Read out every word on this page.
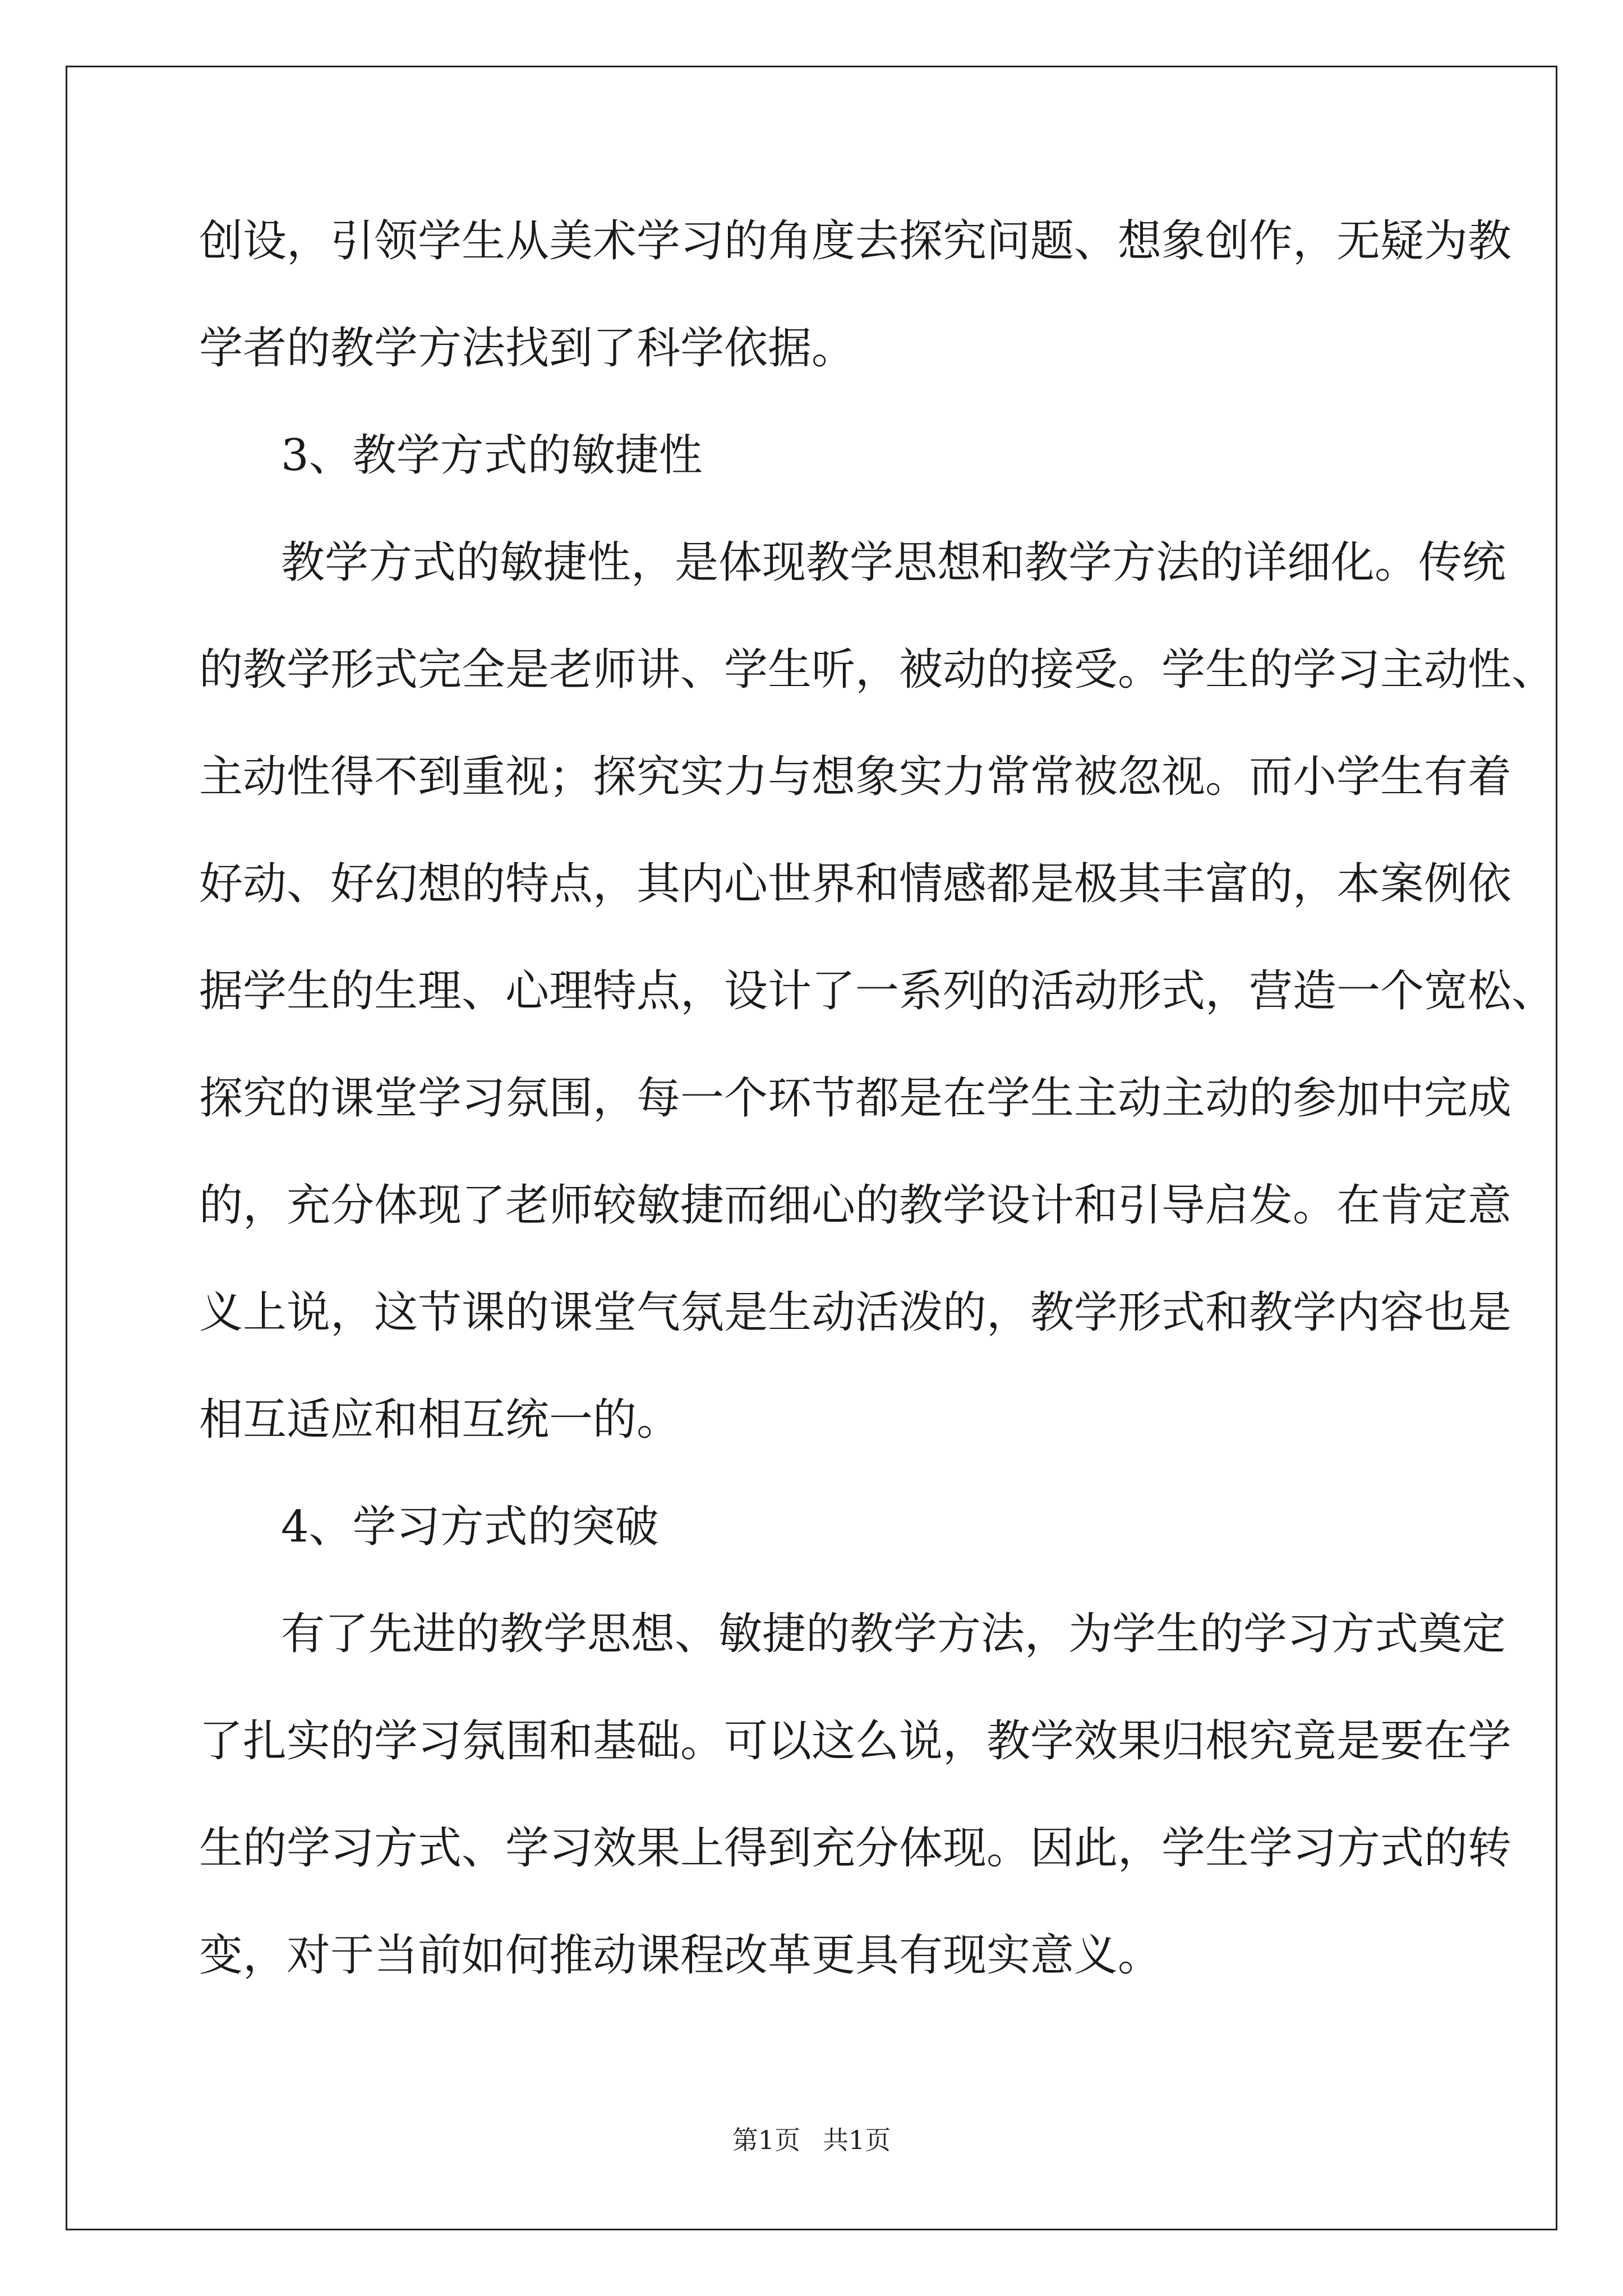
创设，引领学生从美术学习的角度去探究问题、想象创作，无疑为教
学者的教学方法找到了科学依据。
3、教学方式的敏捷性
教学方式的敏捷性，是体现教学思想和教学方法的详细化。传统
的教学形式完全是老师讲、学生听，被动的接受。学生的学习主动性、
主动性得不到重视；探究实力与想象实力常常被忽视。而小学生有着
好动、好幻想的特点，其内心世界和情感都是极其丰富的，本案例依
据学生的生理、心理特点，设计了一系列的活动形式，营造一个宽松、
探究的课堂学习氛围，每一个环节都是在学生主动主动的参加中完成
的，充分体现了老师较敏捷而细心的教学设计和引导启发。在肯定意
义上说，这节课的课堂气氛是生动活泼的，教学形式和教学内容也是
相互适应和相互统一的。
4、学习方式的突破
有了先进的教学思想、敏捷的教学方法，为学生的学习方式奠定
了扎实的学习氛围和基础。可以这么说，教学效果归根究竟是要在学
生的学习方式、学习效果上得到充分体现。因此，学生学习方式的转
变，对于当前如何推动课程改革更具有现实意义。
第1页 共1页
